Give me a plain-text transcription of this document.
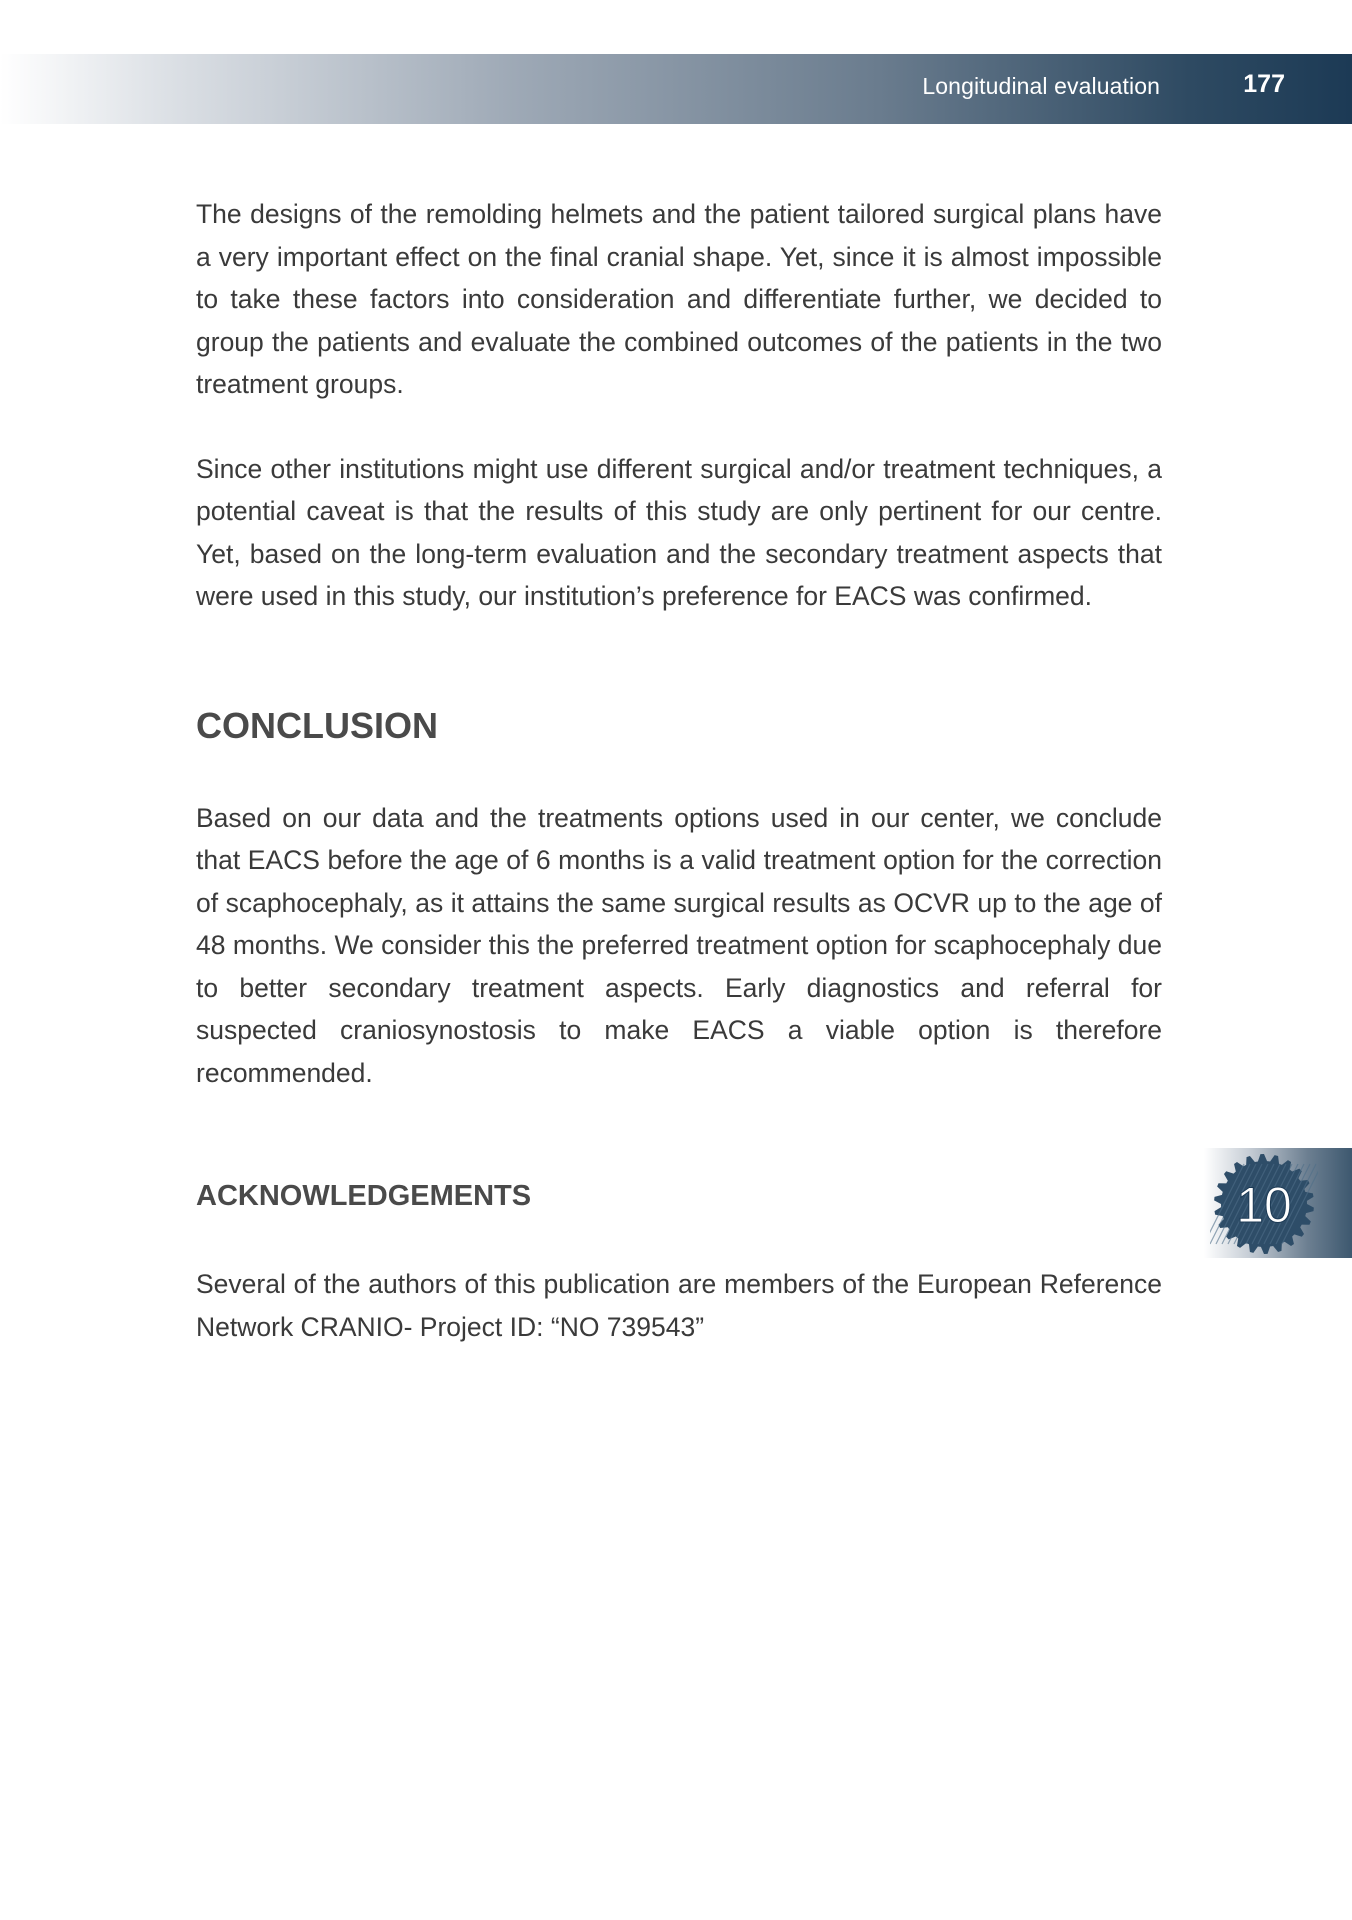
Longitudinal evaluation	177

The designs of the remolding helmets and the patient tailored surgical plans have a very important effect on the final cranial shape. Yet, since it is almost impossible to take these factors into consideration and differentiate further, we decided to group the patients and evaluate the combined outcomes of the patients in the two treatment groups.

Since other institutions might use different surgical and/or treatment techniques, a potential caveat is that the results of this study are only pertinent for our centre. Yet, based on the long-term evaluation and the secondary treatment aspects that were used in this study, our institution’s preference for EACS was confirmed.

CONCLUSION

Based on our data and the treatments options used in our center, we conclude that EACS before the age of 6 months is a valid treatment option for the correction of scaphocephaly, as it attains the same surgical results as OCVR up to the age of 48 months. We consider this the preferred treatment option for scaphocephaly due to better secondary treatment aspects. Early diagnostics and referral for suspected craniosynostosis to make EACS a viable option is therefore recommended.

ACKNOWLEDGEMENTS

Several of the authors of this publication are members of the European Reference Network CRANIO- Project ID: “NO 739543”

10
